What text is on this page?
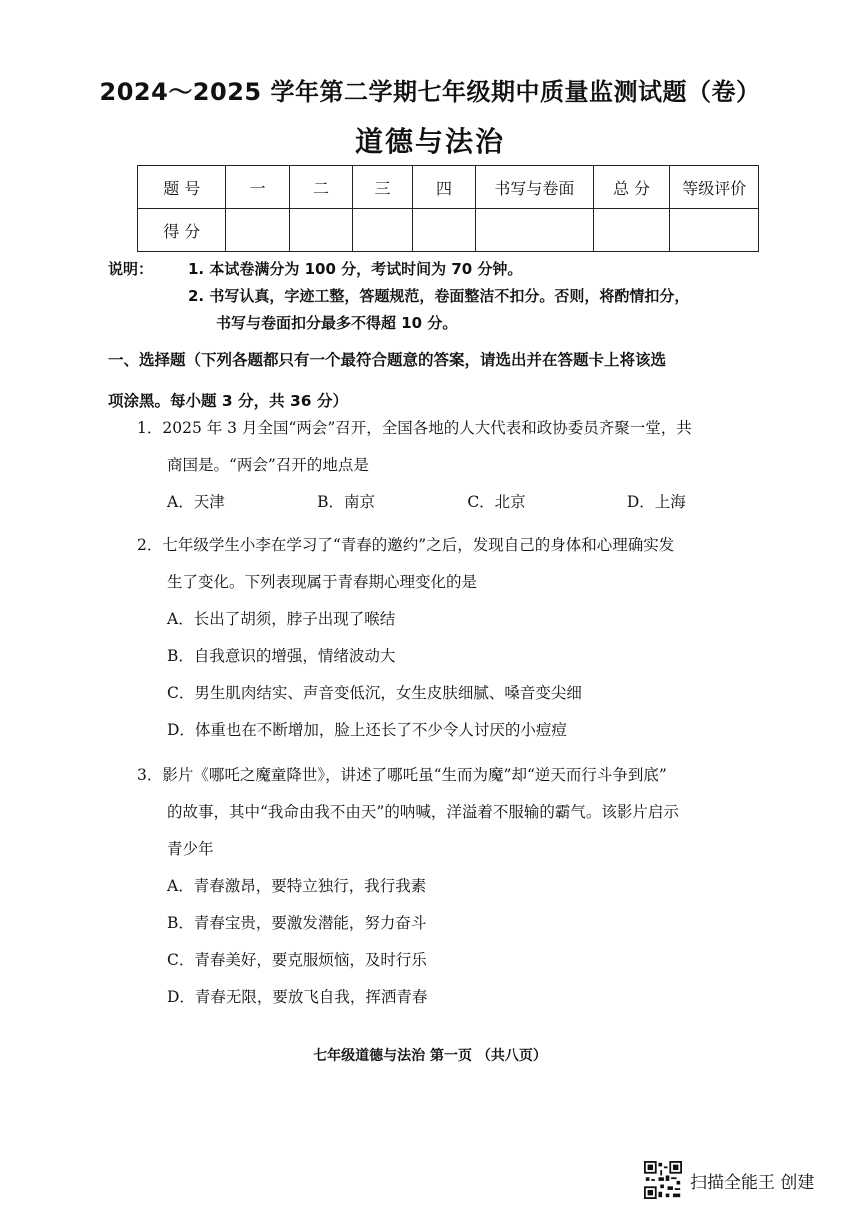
2024～2025 学年第二学期七年级期中质量监测试题（卷）
道德与法治
题 号	一	二	三	四	书写与卷面	总 分	等级评价
得 分							
说明：	1. 本试卷满分为 100 分，考试时间为 70 分钟。
2. 书写认真，字迹工整，答题规范，卷面整洁不扣分。否则，将酌情扣分，
书写与卷面扣分最多不得超 10 分。
一、选择题（下列各题都只有一个最符合题意的答案，请选出并在答题卡上将该选
项涂黑。每小题 3 分，共 36 分）
1．2025 年 3 月全国“两会”召开，全国各地的人大代表和政协委员齐聚一堂，共
商国是。“两会”召开的地点是
A．天津	B．南京	C．北京	D．上海
2．七年级学生小李在学习了“青春的邀约”之后，发现自己的身体和心理确实发
生了变化。下列表现属于青春期心理变化的是
A．长出了胡须，脖子出现了喉结
B．自我意识的增强，情绪波动大
C．男生肌肉结实、声音变低沉，女生皮肤细腻、嗓音变尖细
D．体重也在不断增加，脸上还长了不少令人讨厌的小痘痘
3．影片《哪吒之魔童降世》，讲述了哪吒虽“生而为魔”却“逆天而行斗争到底”
的故事，其中“我命由我不由天”的呐喊，洋溢着不服输的霸气。该影片启示
青少年
A．青春激昂，要特立独行，我行我素
B．青春宝贵，要激发潜能，努力奋斗
C．青春美好，要克服烦恼，及时行乐
D．青春无限，要放飞自我，挥洒青春
七年级道德与法治 第一页 （共八页）
扫描全能王 创建
